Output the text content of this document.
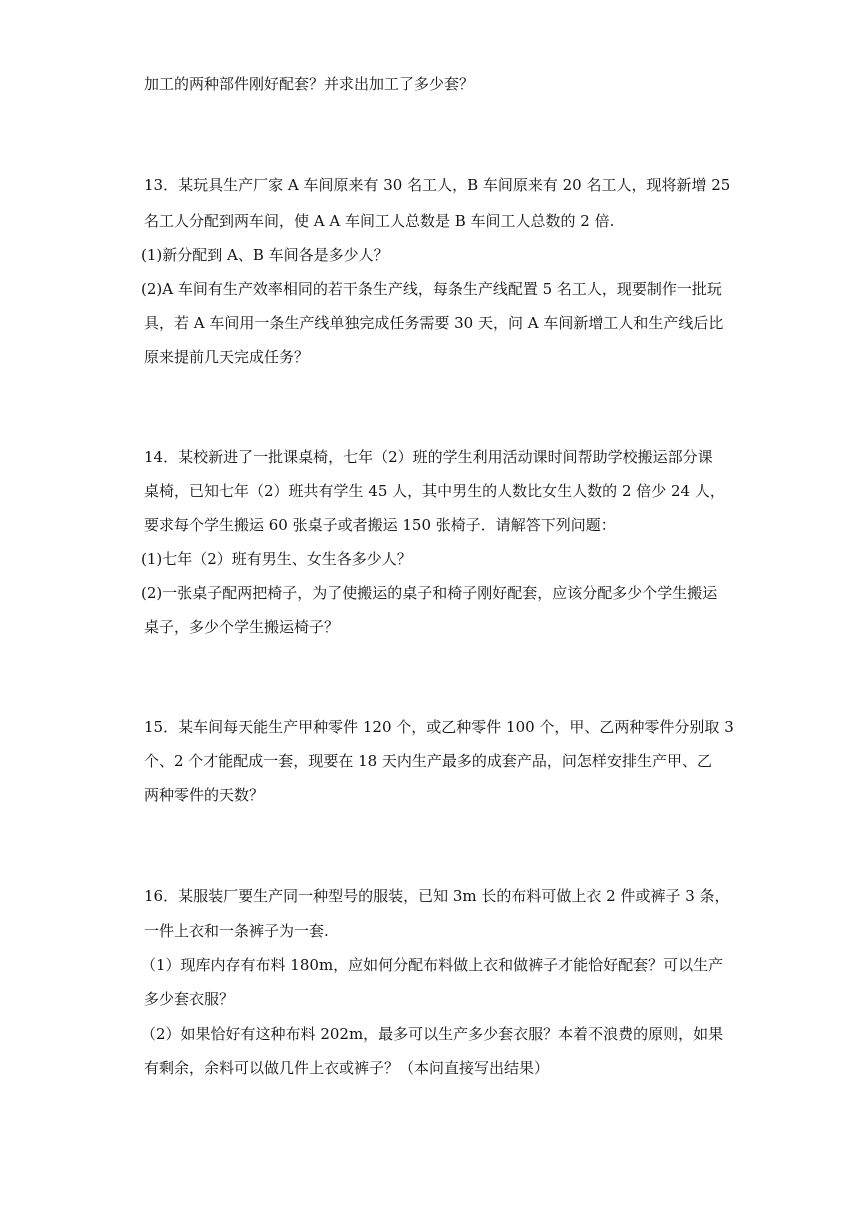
加工的两种部件刚好配套？并求出加工了多少套？
13．某玩具生产厂家 A 车间原来有 30 名工人，B 车间原来有 20 名工人，现将新增 25
名工人分配到两车间，使 A A 车间工人总数是 B 车间工人总数的 2 倍.
(1)新分配到 A、B 车间各是多少人？
(2)A 车间有生产效率相同的若干条生产线，每条生产线配置 5 名工人，现要制作一批玩
具，若 A 车间用一条生产线单独完成任务需要 30 天，问 A 车间新增工人和生产线后比
原来提前几天完成任务？
14．某校新进了一批课桌椅，七年（2）班的学生利用活动课时间帮助学校搬运部分课
桌椅，已知七年（2）班共有学生 45 人，其中男生的人数比女生人数的 2 倍少 24 人，
要求每个学生搬运 60 张桌子或者搬运 150 张椅子．请解答下列问题：
(1)七年（2）班有男生、女生各多少人？
(2)一张桌子配两把椅子，为了使搬运的桌子和椅子刚好配套，应该分配多少个学生搬运
桌子，多少个学生搬运椅子？
15．某车间每天能生产甲种零件 120 个，或乙种零件 100 个，甲、乙两种零件分别取 3
个、2 个才能配成一套，现要在 18 天内生产最多的成套产品，问怎样安排生产甲、乙
两种零件的天数？
16．某服装厂要生产同一种型号的服装，已知 3m 长的布料可做上衣 2 件或裤子 3 条，
一件上衣和一条裤子为一套.
（1）现库内存有布料 180m，应如何分配布料做上衣和做裤子才能恰好配套？可以生产
多少套衣服？
（2）如果恰好有这种布料 202m，最多可以生产多少套衣服？本着不浪费的原则，如果
有剩余，余料可以做几件上衣或裤子？（本问直接写出结果）
